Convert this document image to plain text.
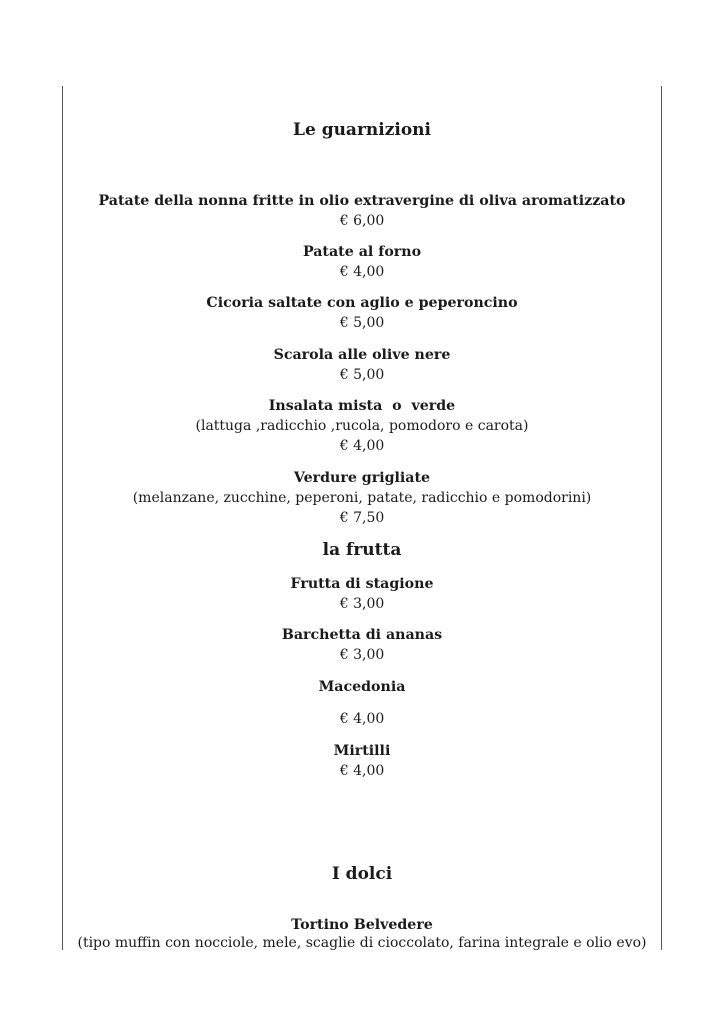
Le guarnizioni
Patate della nonna fritte in olio extravergine di oliva aromatizzato
€ 6,00
Patate al forno
€ 4,00
Cicoria saltate con aglio e peperoncino
€ 5,00
Scarola alle olive nere
€ 5,00
Insalata mista  o  verde
(lattuga ,radicchio ,rucola, pomodoro e carota)
€ 4,00
Verdure grigliate
(melanzane, zucchine, peperoni, patate, radicchio e pomodorini)
€ 7,50
la frutta
Frutta di stagione
€ 3,00
Barchetta di ananas
€ 3,00
Macedonia
€ 4,00
Mirtilli
€ 4,00
I dolci
Tortino Belvedere
(tipo muffin con nocciole, mele, scaglie di cioccolato, farina integrale e olio evo)
